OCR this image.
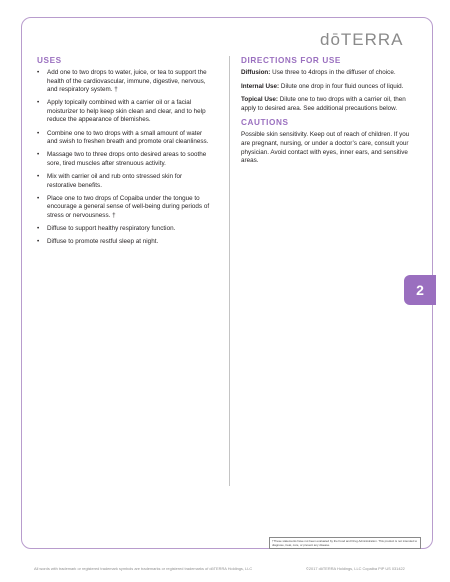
dōTERRA
USES
• Add one to two drops to water, juice, or tea to support the health of the cardiovascular, immune, digestive, nervous, and respiratory system. †
• Apply topically combined with a carrier oil or a facial moisturizer to help keep skin clean and clear, and to help reduce the appearance of blemishes.
• Combine one to two drops with a small amount of water and swish to freshen breath and promote oral cleanliness.
• Massage two to three drops onto desired areas to soothe sore, tired muscles after strenuous activity.
• Mix with carrier oil and rub onto stressed skin for restorative benefits.
• Place one to two drops of Copaiba under the tongue to encourage a general sense of well-being during periods of stress or nervousness. †
• Diffuse to support healthy respiratory function.
• Diffuse to promote restful sleep at night.
DIRECTIONS FOR USE

Diffusion: Use three to 4drops in the diffuser of choice.

Internal Use: Dilute one drop in four fluid ounces of liquid.

Topical Use: Dilute one to two drops with a carrier oil, then apply to desired area. See additional precautions below.

CAUTIONS

Possible skin sensitivity. Keep out of reach of children. If you are pregnant, nursing, or under a doctor’s care, consult your physician. Avoid contact with eyes, inner ears, and sensitive areas.

2
†These statements have not been evaluated by the Food and Drug Administration. This product is not intended to diagnose, treat, cure, or prevent any disease.
All words with trademark or registered trademark symbols are trademarks or registered trademarks of dōTERRA Holdings, LLC	©2017 dōTERRA Holdings, LLC Copaiba PIP US 031422
